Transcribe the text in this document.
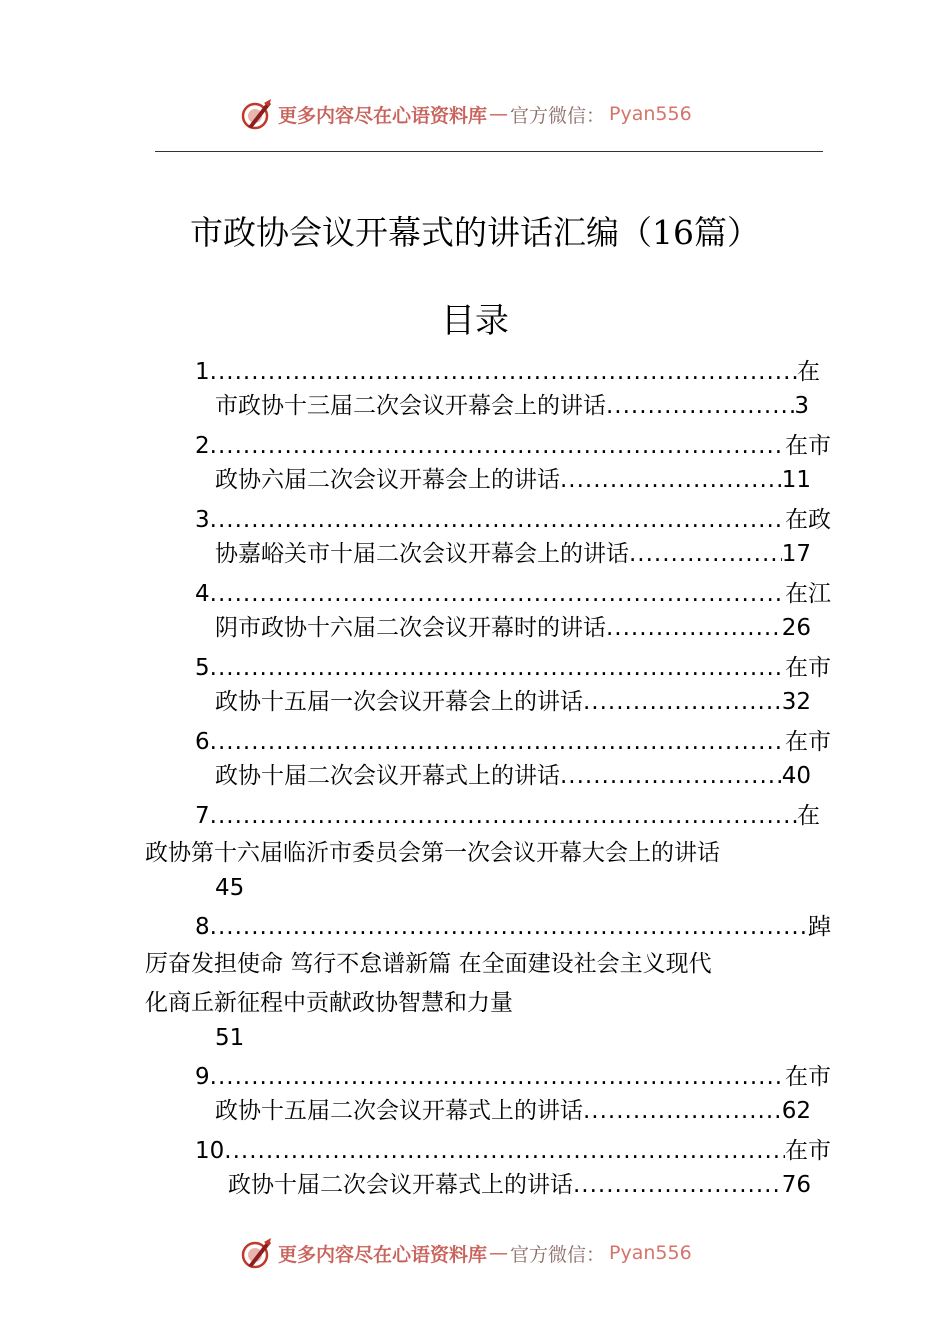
更多内容尽在心语资料库 — 官方微信： Pyan556
市政协会议开幕式的讲话汇编（16篇）
目录
1 .....	在
市政协十三届二次会议开幕会上的讲话 .....	3
2 .....	在市
政协六届二次会议开幕会上的讲话 .....	11
3 .....	在政
协嘉峪关市十届二次会议开幕会上的讲话 .....	17
4 .....	在江
阴市政协十六届二次会议开幕时的讲话 .....	26
5 .....	在市
政协十五届一次会议开幕会上的讲话 .....	32
6 .....	在市
政协十届二次会议开幕式上的讲话 .....	40
7 .....	在
政协第十六届临沂市委员会第一次会议开幕大会上的讲话
45
8 .....	踔
厉奋发担使命 笃行不怠谱新篇 在全面建设社会主义现代
化商丘新征程中贡献政协智慧和力量
51
9 .....	在市
政协十五届二次会议开幕式上的讲话 .....	62
10 .....	在市
政协十届二次会议开幕式上的讲话 .....	76
更多内容尽在心语资料库 — 官方微信： Pyan556
